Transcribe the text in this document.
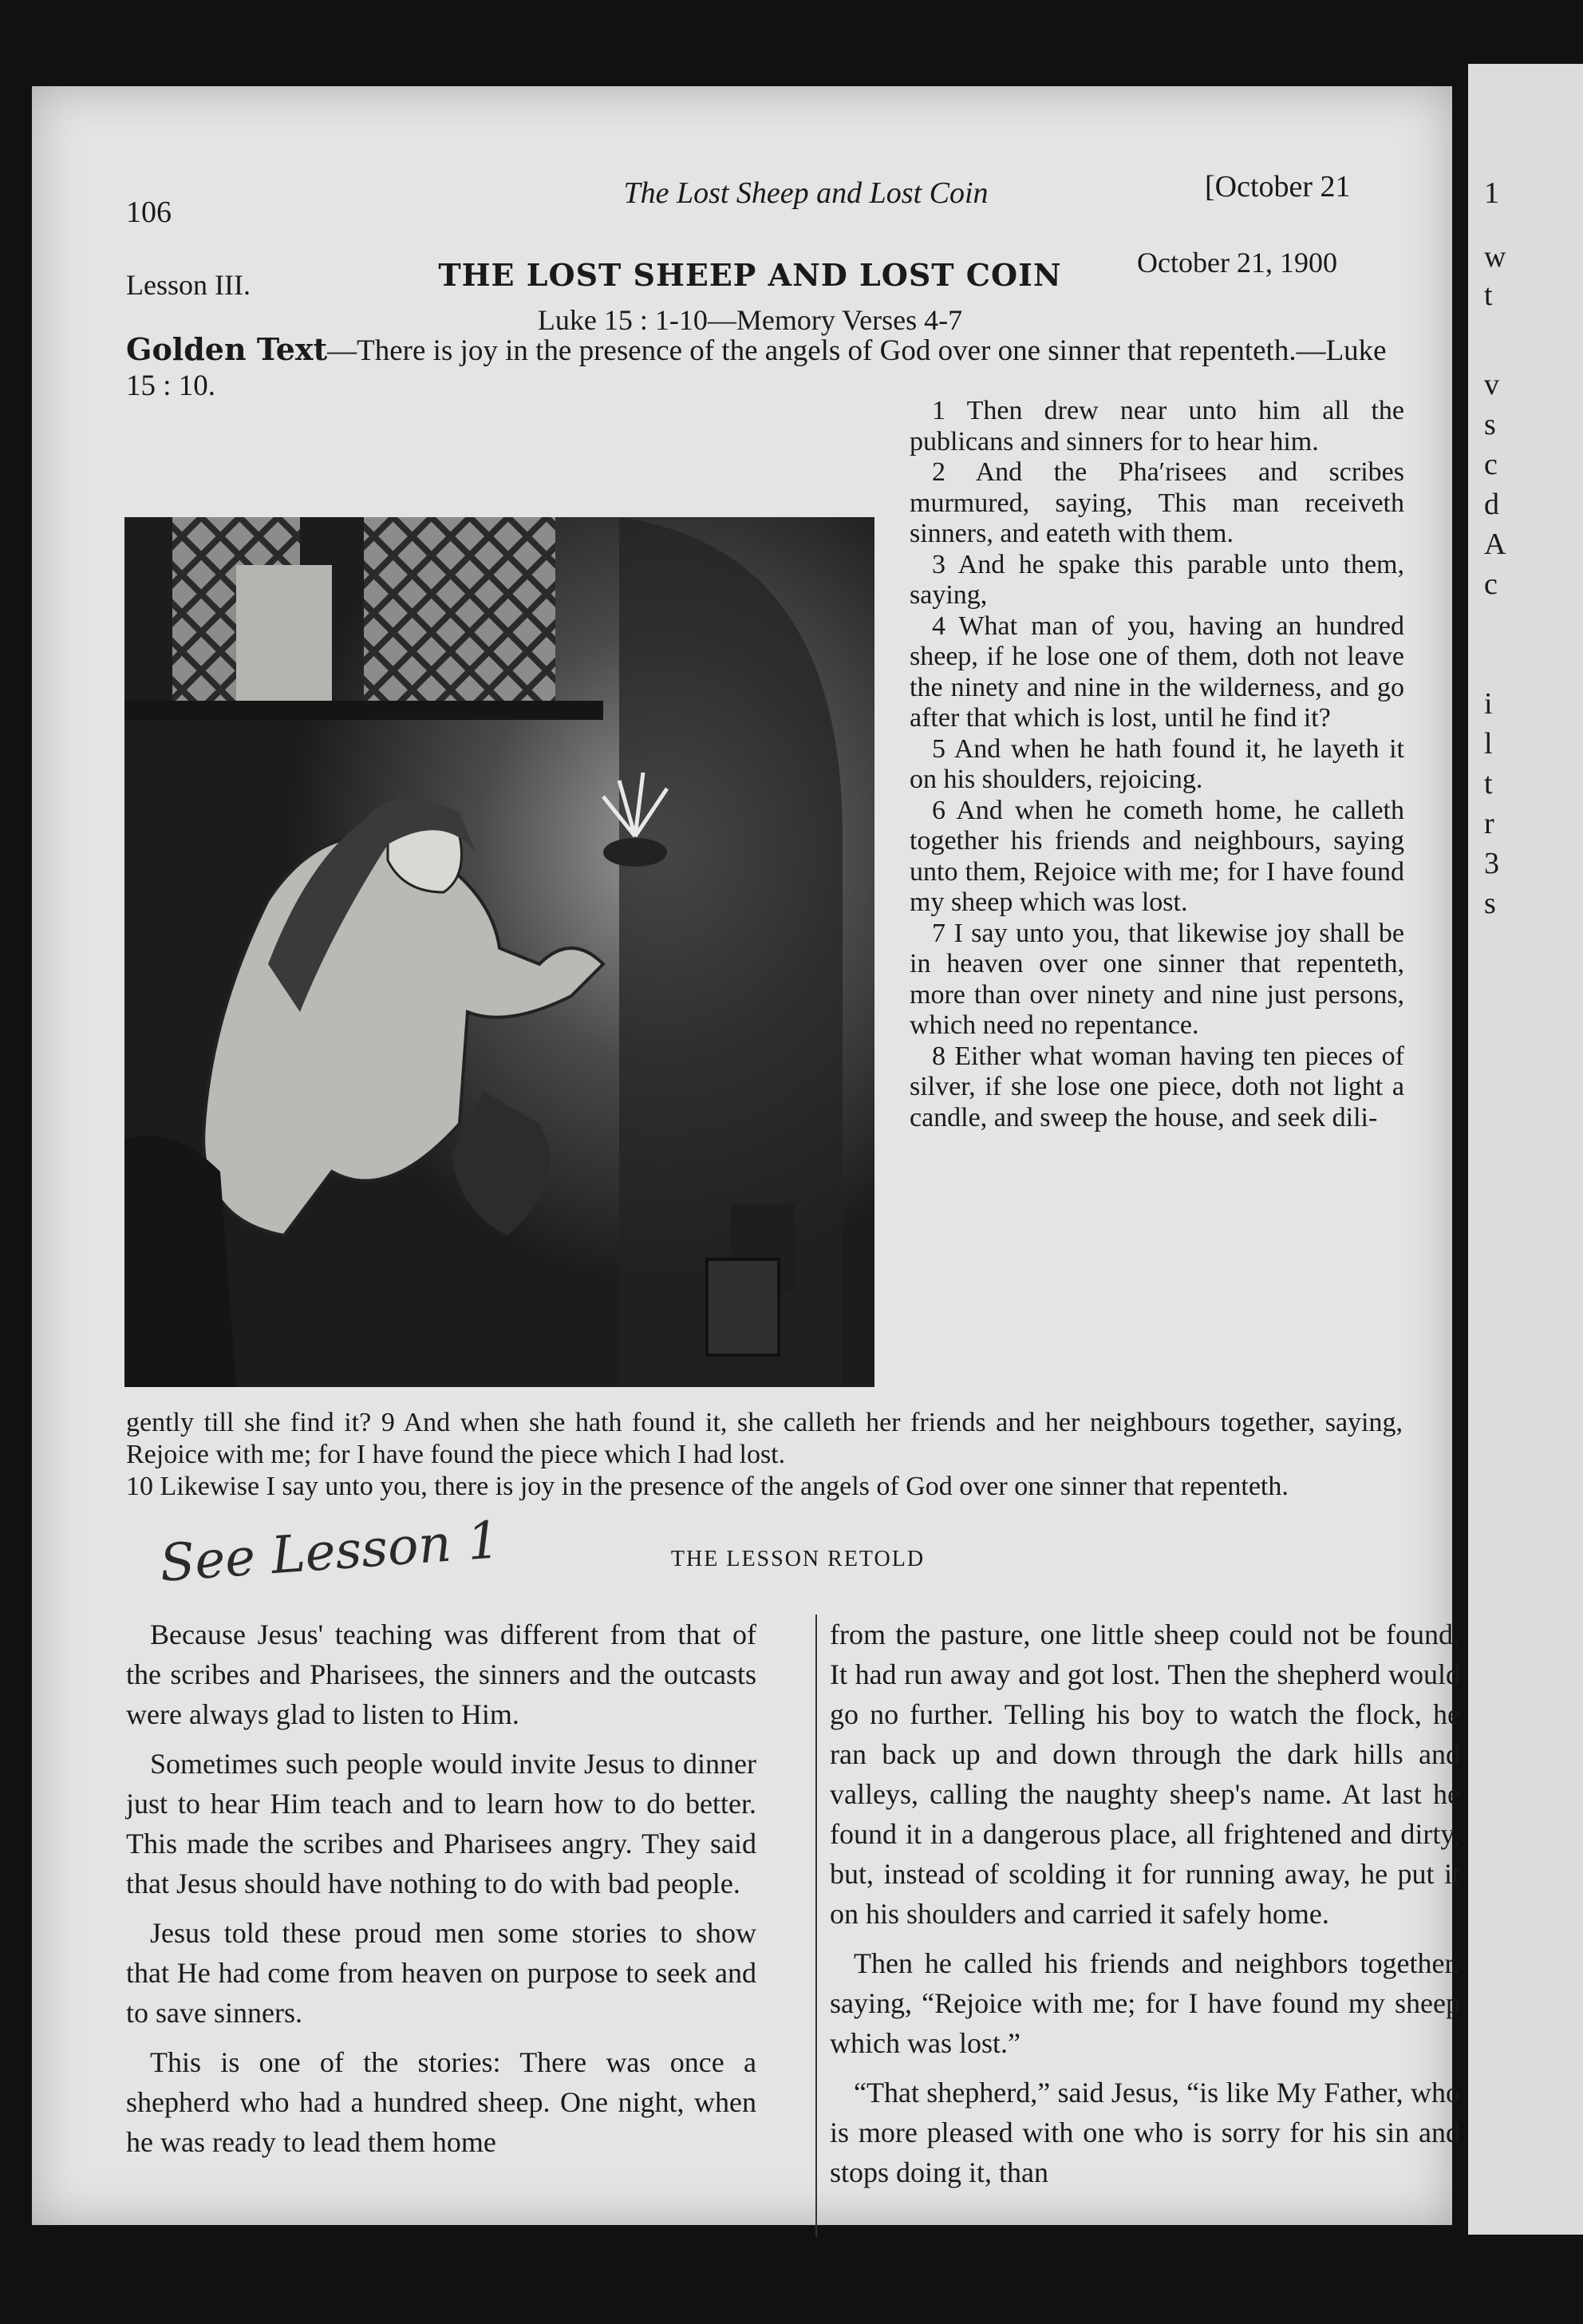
1
w
t
v
s
c
d
A
c
i
l
t
r
3
s
106
The Lost Sheep and Lost Coin	[October 21
Lesson III.	THE LOST SHEEP AND LOST COIN	October 21, 1900
Luke 15 : 1-10—Memory Verses 4-7
Golden Text—There is joy in the presence of the angels of God over one sinner that repenteth.—Luke 15 : 10.

1 Then drew near unto him all the publicans and sinners for to hear him.

2 And the Pha′risees and scribes murmured, saying, This man receiveth sinners, and eateth with them.

3 And he spake this parable unto them, saying,

4 What man of you, having an hundred sheep, if he lose one of them, doth not leave the ninety and nine in the wilderness, and go after that which is lost, until he find it?

5 And when he hath found it, he layeth it on his shoulders, rejoicing.

6 And when he cometh home, he calleth together his friends and neighbours, saying unto them, Rejoice with me; for I have found my sheep which was lost.

7 I say unto you, that likewise joy shall be in heaven over one sinner that repenteth, more than over ninety and nine just persons, which need no repentance.

8 Either what woman having ten pieces of silver, if she lose one piece, doth not light a candle, and sweep the house, and seek dili-

gently till she find it? 9 And when she hath found it, she calleth her friends and her neighbours together, saying, Rejoice with me; for I have found the piece which I had lost.

10 Likewise I say unto you, there is joy in the presence of the angels of God over one sinner that repenteth.

See Lesson 1	THE LESSON RETOLD

Because Jesus' teaching was different from that of the scribes and Pharisees, the sinners and the outcasts were always glad to listen to Him.

Sometimes such people would invite Jesus to dinner just to hear Him teach and to learn how to do better. This made the scribes and Pharisees angry. They said that Jesus should have nothing to do with bad people.

Jesus told these proud men some stories to show that He had come from heaven on purpose to seek and to save sinners.

This is one of the stories: There was once a shepherd who had a hundred sheep. One night, when he was ready to lead them home

from the pasture, one little sheep could not be found. It had run away and got lost. Then the shepherd would go no further. Telling his boy to watch the flock, he ran back up and down through the dark hills and valleys, calling the naughty sheep's name. At last he found it in a dangerous place, all frightened and dirty, but, instead of scolding it for running away, he put it on his shoulders and carried it safely home.

Then he called his friends and neighbors together, saying, “Rejoice with me; for I have found my sheep which was lost.”

“That shepherd,” said Jesus, “is like My Father, who is more pleased with one who is sorry for his sin and stops doing it, than
